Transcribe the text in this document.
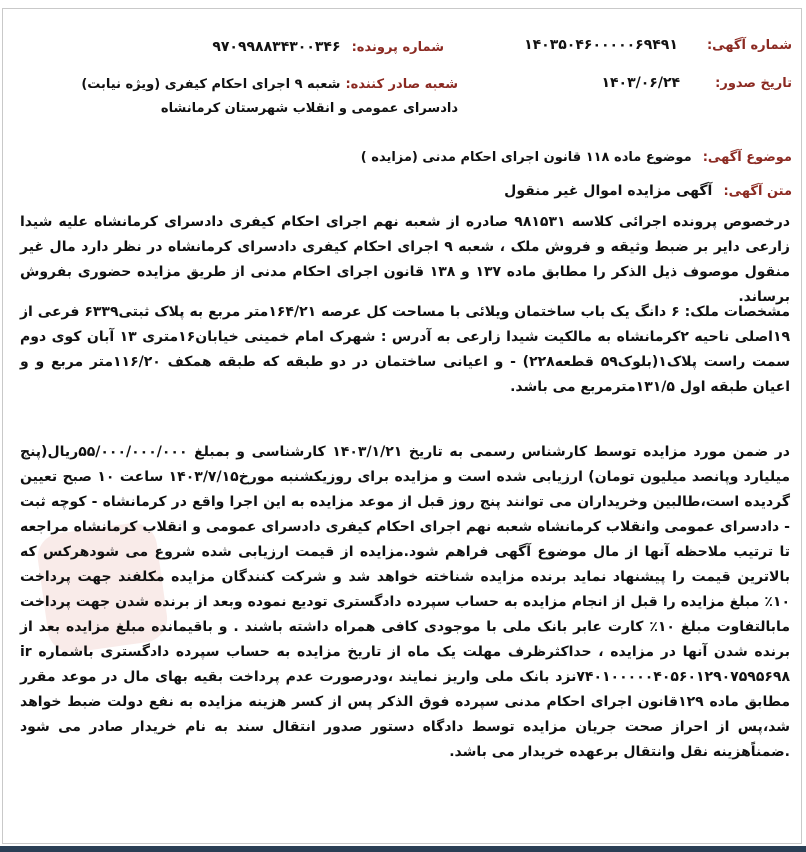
شماره آگهی: ۱۴۰۳۵۰۴۶۰۰۰۰۰۶۹۴۹۱
تاریخ صدور: ۱۴۰۳/۰۶/۲۴
شماره پرونده: ۹۷۰۹۹۸۸۳۴۳۰۰۳۴۶
شعبه صادر کننده: شعبه ۹ اجرای احکام کیفری (ویژه نیابت) دادسرای عمومی و انقلاب شهرستان کرمانشاه
موضوع آگهی: موضوع ماده ۱۱۸ قانون اجرای احکام مدنی (مزایده )
متن آگهی: آگهی مزایده اموال غیر منقول
درخصوص پرونده اجرائی کلاسه ۹۸۱۵۳۱ صادره از شعبه نهم اجرای احکام کیفری دادسرای کرمانشاه علیه شیدا زارعی دایر بر ضبط وثیقه و فروش ملک ، شعبه ۹ اجرای احکام کیفری دادسرای کرمانشاه در نظر دارد مال غیر منقول موصوف ذیل الذکر را مطابق ماده ۱۳۷ و ۱۳۸ قانون اجرای احکام مدنی از طریق مزایده حضوری بفروش برساند.
مشخصات ملک: ۶ دانگ یک باب ساختمان ویلائی با مساحت کل عرصه ۱۶۴/۲۱متر مربع به پلاک ثبتی۶۳۳۹ فرعی از ۱۹اصلی ناحیه ۲کرمانشاه به مالکیت شیدا زارعی به آدرس : شهرک امام خمینی خیابان۱۶متری ۱۳ آبان کوی دوم سمت راست پلاک۱(بلوک۵۹ قطعه۲۲۸) - و اعیانی ساختمان در دو طبقه که طبقه همکف ۱۱۶/۲۰متر مربع و و اعیان طبقه اول ۱۳۱/۵مترمربع می باشد.
در ضمن مورد مزایده توسط کارشناس رسمی به تاریخ ۱۴۰۳/۱/۲۱ کارشناسی و بمبلغ ۵۵/۰۰۰/۰۰۰/۰۰۰ریال(پنج میلیارد وپانصد میلیون تومان) ارزیابی شده است و مزایده برای روزیکشنبه مورخ۱۴۰۳/۷/۱۵ ساعت ۱۰ صبح تعیین گردیده است،طالبین وخریداران می توانند پنج روز قبل از موعد مزایده به این اجرا واقع در کرمانشاه - کوچه ثبت - دادسرای عمومی وانقلاب کرمانشاه شعبه نهم اجرای احکام کیفری دادسرای عمومی و انقلاب کرمانشاه مراجعه تا ترتیب ملاحظه آنها از مال موضوع آگهی فراهم شود.مزایده از قیمت ارزیابی شده شروع می شودهرکس که بالاترین قیمت را پیشنهاد نماید برنده مزایده شناخته خواهد شد و شرکت کنندگان مزایده مکلفند جهت پرداخت ۱۰٪ مبلغ مزایده را قبل از انجام مزایده به حساب سپرده دادگستری تودیع نموده وبعد از برنده شدن جهت پرداخت مابالتفاوت مبلغ ۱۰٪ کارت عابر بانک ملی با موجودی کافی همراه داشته باشند . و باقیمانده مبلغ مزایده بعد از برنده شدن آنها در مزایده ، حداکثرظرف مهلت یک ماه از تاریخ مزایده به حساب سپرده دادگستری باشماره ir ۷۴۰۱۰۰۰۰۰۴۰۵۶۰۱۲۹۰۷۵۹۵۶۹۸نزد بانک ملی واریز نمایند ،ودرصورت عدم پرداخت بقیه بهای مال در موعد مقرر مطابق ماده ۱۲۹قانون اجرای احکام مدنی سپرده فوق الذکر پس از کسر هزینه مزایده به نفع دولت ضبط خواهد شد،پس از احراز صحت جریان مزایده توسط دادگاه دستور صدور انتقال سند به نام خریدار صادر می شود .ضمناًهزینه نقل وانتقال برعهده خریدار می باشد.
